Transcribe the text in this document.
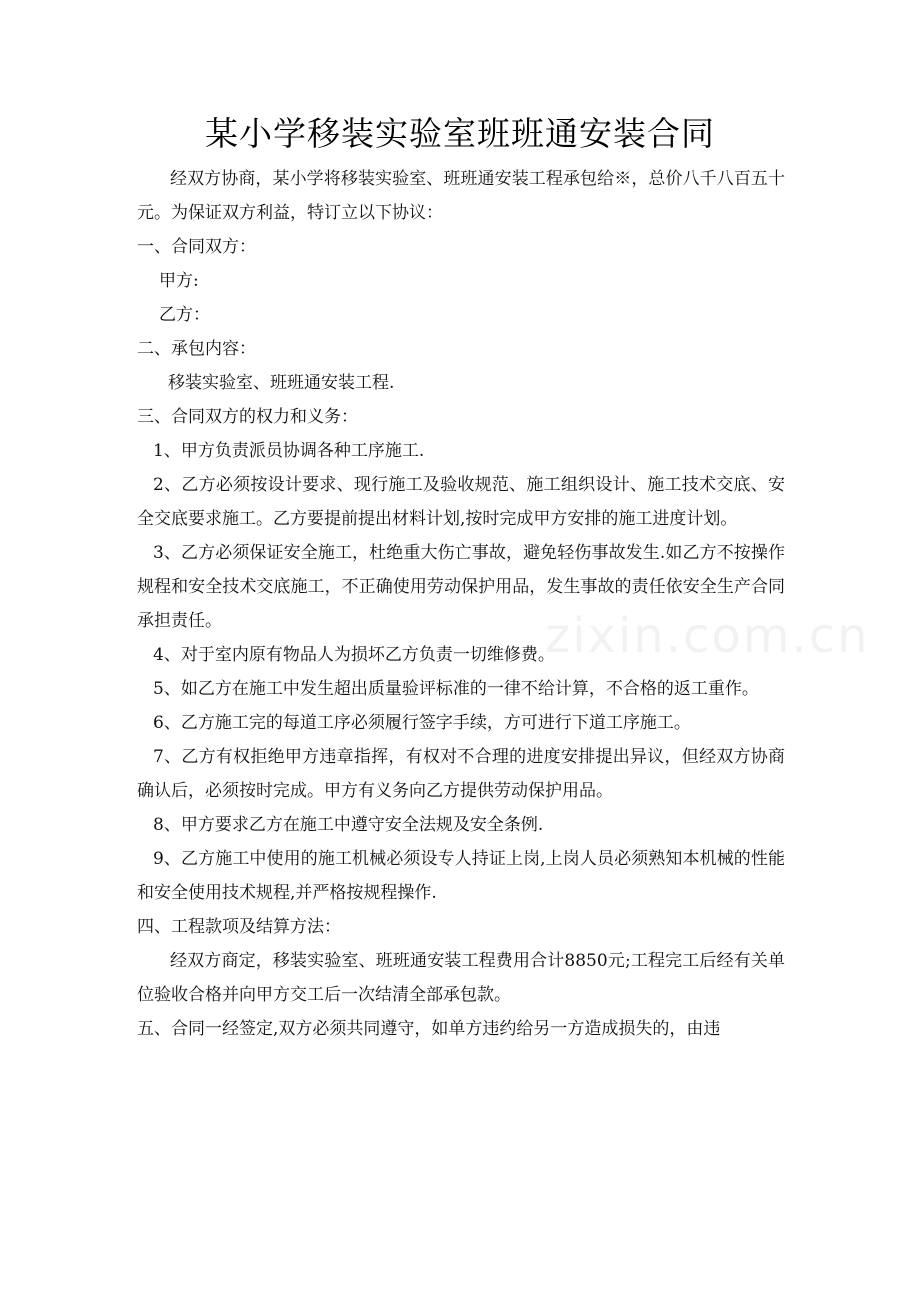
某小学移装实验室班班通安装合同

经双方协商，某小学将移装实验室、班班通安装工程承包给※，总价八千八百五十元。为保证双方利益，特订立以下协议：

一、合同双方：

甲方:

乙方：

二、承包内容：

移装实验室、班班通安装工程.

三、合同双方的权力和义务：

1、甲方负责派员协调各种工序施工.

2、乙方必须按设计要求、现行施工及验收规范、施工组织设计、施工技术交底、安全交底要求施工。乙方要提前提出材料计划,按时完成甲方安排的施工进度计划。

3、乙方必须保证安全施工，杜绝重大伤亡事故，避免轻伤事故发生.如乙方不按操作规程和安全技术交底施工，不正确使用劳动保护用品，发生事故的责任依安全生产合同承担责任。

4、对于室内原有物品人为损坏乙方负责一切维修费。

5、如乙方在施工中发生超出质量验评标准的一律不给计算，不合格的返工重作。

6、乙方施工完的每道工序必须履行签字手续，方可进行下道工序施工。

7、乙方有权拒绝甲方违章指挥，有权对不合理的进度安排提出异议，但经双方协商确认后，必须按时完成。甲方有义务向乙方提供劳动保护用品。

8、甲方要求乙方在施工中遵守安全法规及安全条例.

9、乙方施工中使用的施工机械必须设专人持证上岗,上岗人员必须熟知本机械的性能和安全使用技术规程,并严格按规程操作.

四、工程款项及结算方法：

经双方商定，移装实验室、班班通安装工程费用合计8850元;工程完工后经有关单位验收合格并向甲方交工后一次结清全部承包款。

五、合同一经签定,双方必须共同遵守，如单方违约给另一方造成损失的，由违

zixin.com.cn
